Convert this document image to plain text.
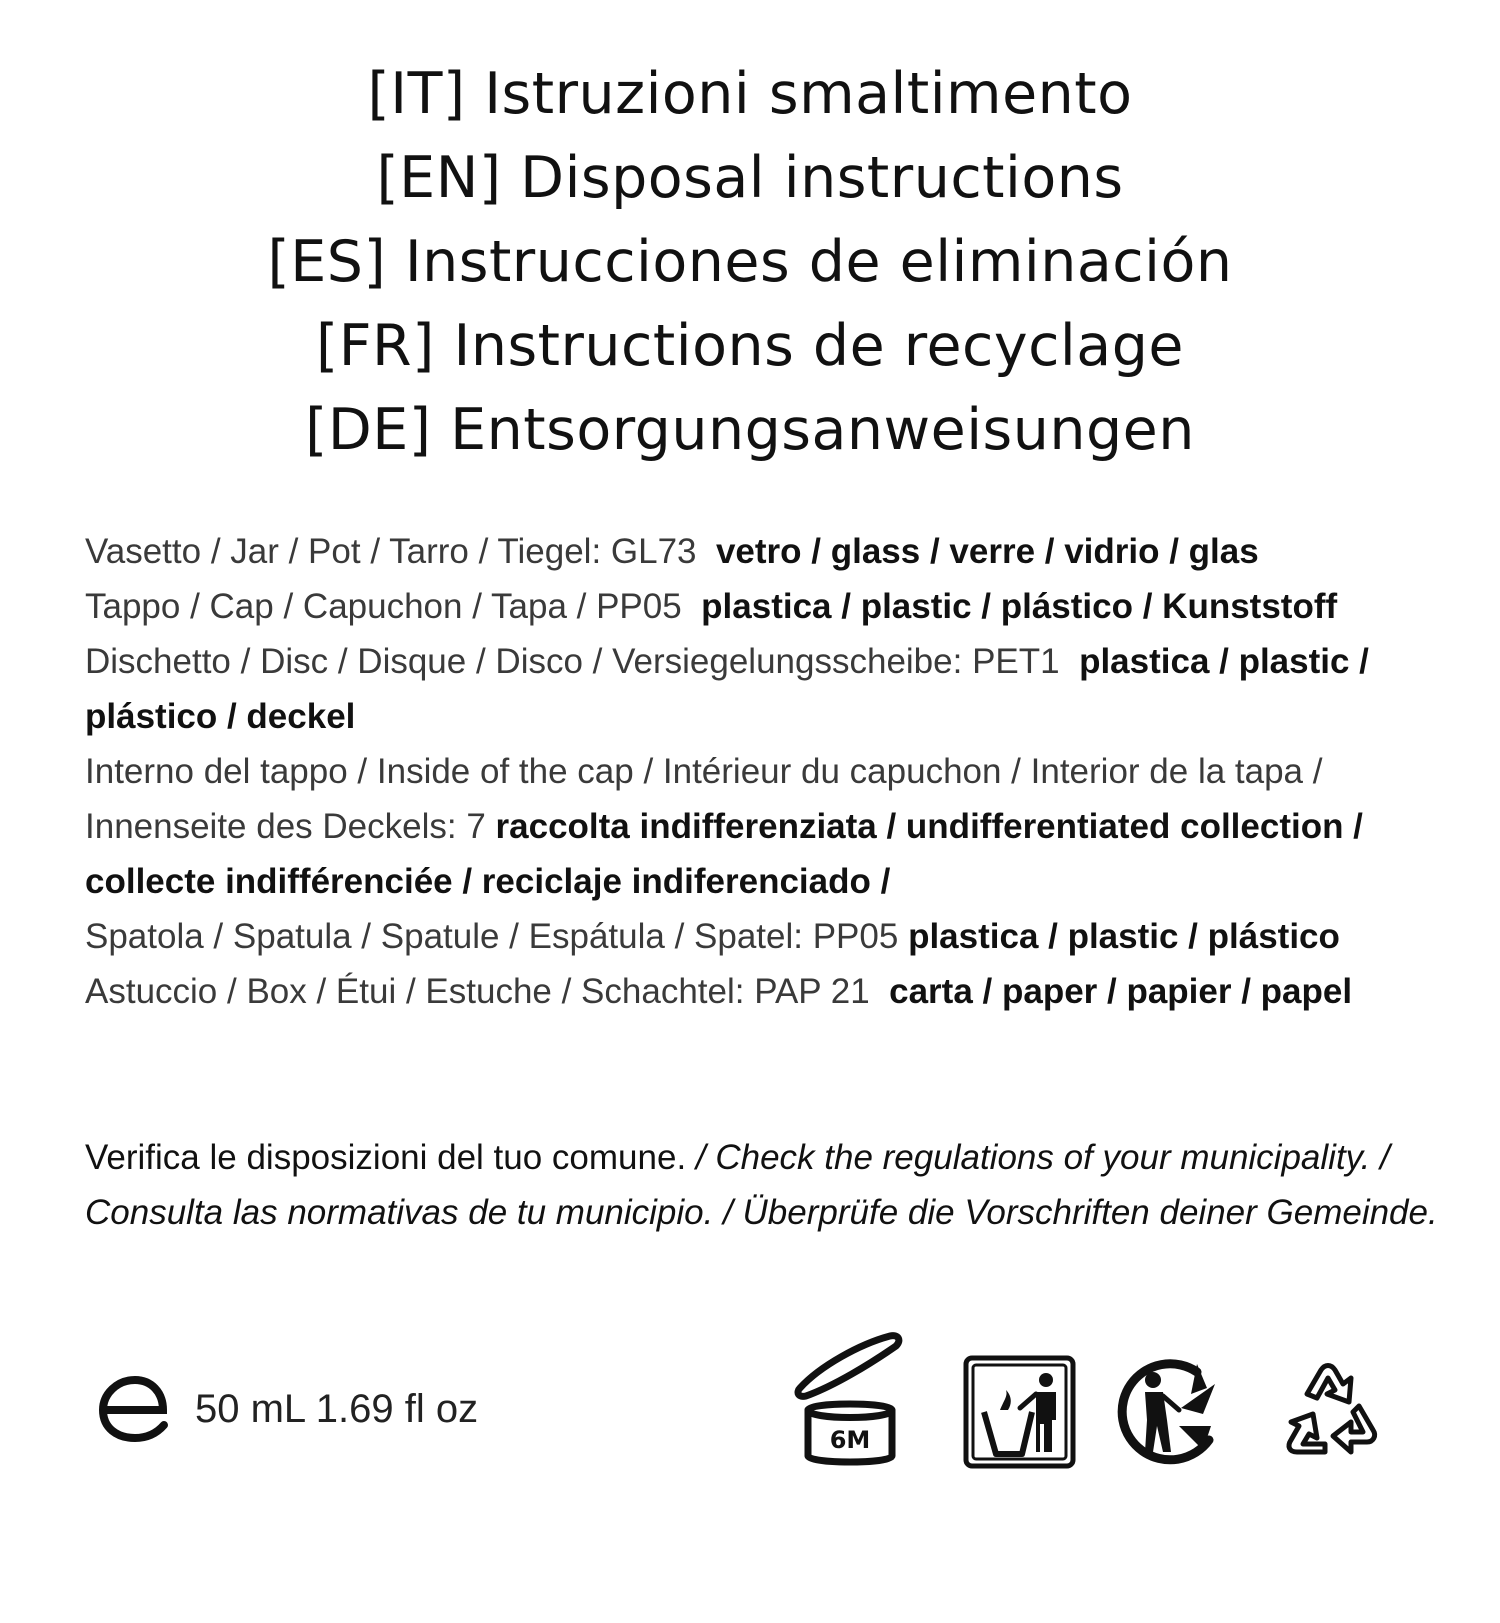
[IT] Istruzioni smaltimento
[EN] Disposal instructions
[ES] Instrucciones de eliminación
[FR] Instructions de recyclage
[DE] Entsorgungsanweisungen

Vasetto / Jar / Pot / Tarro / Tiegel: GL73 vetro / glass / verre / vidrio / glas

Tappo / Cap / Capuchon / Tapa / PP05 plastica / plastic / plástico / Kunststoff

Dischetto / Disc / Disque / Disco / Versiegelungsscheibe: PET1 plastica / plastic / plástico / deckel

Interno del tappo / Inside of the cap / Intérieur du capuchon / Interior de la tapa / Innenseite des Deckels: 7 raccolta indifferenziata / undifferentiated collection / collecte indifférenciée / reciclaje indiferenciado /

Spatola / Spatula / Spatule / Espátula / Spatel: PP05 plastica / plastic / plástico

Astuccio / Box / Étui / Estuche / Schachtel: PAP 21 carta / paper / papier / papel

Verifica le disposizioni del tuo comune. / Check the regulations of your municipality. / Consulta las normativas de tu municipio. / Überprüfe die Vorschriften deiner Gemeinde.
50 mL 1.69 fl oz
6M
